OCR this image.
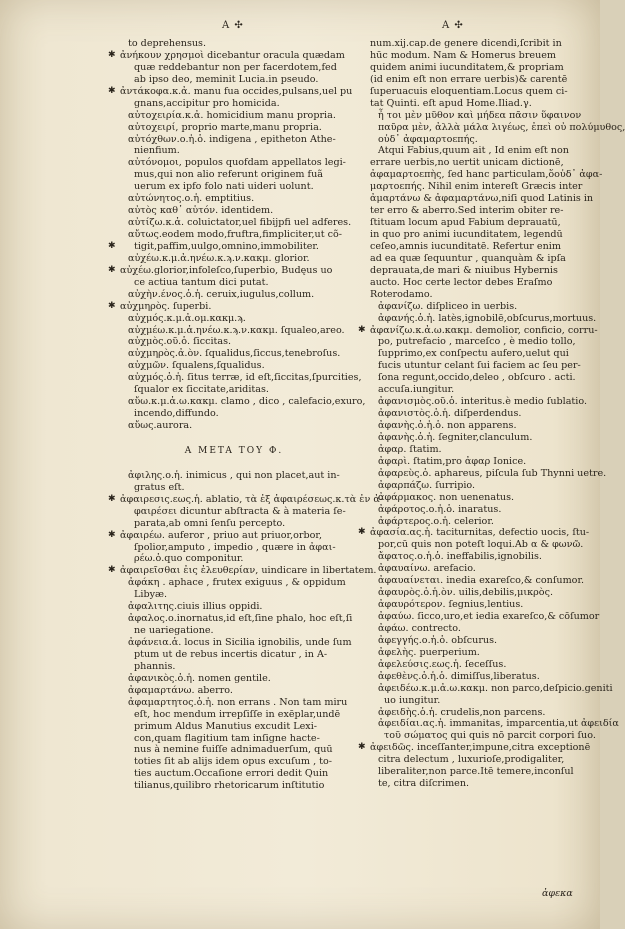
A ✣	A ✣
to deprehensus.
✱ ἀνήκουν χρησμοὶ dicebantur oracula quædam
quæ reddebantur non per facerdotem,fed
ab ipso deo, meminit Lucia.in pseudo.
✱ ἀντάκοφα.κ.ἀ. manu fua occides,pulsans,uel pu
gnans,accipitur pro homicida.
αὐτοχειρία.κ.ἀ. homicidium manu propria.
αὐτοχειρί, proprio marte,manu propria.
αὐτόχθων.ο.ἡ.ὁ. indigena , epitheton Athe-
nienfium.
αὐτόνομοι, populos quofdam appellatos legi-
mus,qui non alio referunt originem fuã
uerum ex ipfo folo nati uideri uolunt.
αὐτώνητος.ο.ἡ. emptitius.
αὐτὸς καθ᾽ αὑτόν. identidem.
αὐτίζω.κ.ἀ. coluictator,uel fibijpfi uel adferes.
αὔτως.eodem modo,fruftra,fimpliciter,ut cõ-
✱ tigit,paffim,uulgo,omnino,immobiliter.
αὐχέω.κ.μ.ἀ.ηνέω.κ.ϡ.ν.κακμ. glorior.
✱ αὐχέω.glorior,infoleſco,ſuperbio, Budęus uo
ce actiua tantum dici putat.
αὐχὴν.ένος.ὁ.ἡ. ceruix,iugulus,collum.
✱ αὐχμηρὸς. ſuperbi.
αὐχμός.κ.μ.ἀ.ομ.κακμ.ϡ.
αὐχμέω.κ.μ.ἀ.ηνέω.κ.ϡ.ν.κακμ. ſqualeo,areo.
αὐχμὸς.οῦ.ὁ. ſiccitas.
αὐχμηρὸς.ἀ.ὸν. ſqualidus,ſiccus,tenebroſus.
αὐχμῶν. ſqualens,ſqualidus.
αὐχμός.ὁ.ἡ. ſitus terræ, id eſt,ſiccitas,ſpurcities,
ſqualor ex ſiccitate,ariditas.
αὔω.κ.μ.ἀ.ω.κακμ. clamo , dico , calefacio,exuro,
incendo,diffundo.
αὔως.aurora.
A META TOY Φ.
ἀφιλης.ο.ἡ. inimicus , qui non placet,aut in-
gratus eſt.
✱ ἀφαιρεσις.εως.ἡ. ablatio, τὰ ἐξ ἀφαιρέσεως.κ.τὰ ἐν ἀ-
φαιρέσει dicuntur abſtracta & à materia ſe-
parata,ab omni ſenſu percepto.
✱ ἀφαιρέω. auferor , priuo aut priuor,orbor,
ſpolior,amputo , impedio , quære in ἀφαι-
ρέω.ὁ.quo componitur.
✱ ἀφαιρεῖσθαι ἐις ἐλευθερίαν, uindicare in libertatem.
ἀφάκη . aphace , frutex exiguus , & oppidum
Libyæ.
ἀφαλιτης.ciuis illius oppidi.
ἀφαλος.ο.inornatus,id eſt,ſine phalo, hoc eſt,ſi
ne uariegatione.
ἀφάνεια.ἁ. locus in Sicilia ignobilis, unde ſum
ptum ut de rebus incertis dicatur , in A-
phannis.
ἀφανικὸς.ὁ.ἡ. nomen gentile.
ἀφαμαρτάνω. aberro.
ἀφαμαρτητος.ὁ.ἡ. non errans . Non tam miru
eſt, hoc mendum irrepſiſſe in exēplar,undē
primum Aldus Manutius excudit Lexi-
con,quam flagitium tam inſigne hacte-
nus à nemine fuiſſe adnimaduerſum, quū
toties ſit ab alijs idem opus excuſum , to-
ties auctum.Occaſione errori dedit Quin
tilianus,quilibro rhetoricarum inſtitutio
num.xij.cap.de genere dicendi,ſcribit in
hūc modum. Nam & Homerus breuem
quidem animi iucunditatem,& propriam
(id enim eſt non errare uerbis)& carentē
ſuperuacuis eloquentiam.Locus quem ci-
tat Quinti. eſt apud Home.Iliad.γ.
ἦ τοι μὲν μῦθον καὶ μήδεα πᾶσιν ὕφαινον
παῦρα μὲν, ἀλλὰ μάλα λιγέως, ἐπεὶ οὐ πολύμυθος,
οὐδ᾽ ἀφαμαρτοεπής.
Atqui Fabius,quum ait , Id enim eſt non
errare uerbis,no uertit unicam dictionē,
ἀφαμαρτοεπὴς, ſed hanc particulam,ὅοὐδ᾽ ἀφα-
μαρτοεπής. Nihil enim intereſt Græcis inter
ἀμαρτάνω & ἀφαμαρτάνω,niſi quod Latinis in
ter erro & aberro.Sed interim obiter re-
ſtituam locum apud Fabium deprauatū,
in quo pro animi iucunditatem, legendū
ceſeo,amnis iucunditatē. Refertur enim
ad ea quæ ſequuntur , quanquàm & ipſa
deprauata,de mari & niuibus Hybernis
aucto. Hoc certe lector debes Eraſmo
Roterodamo.
ἀφανίζω. diſpliceo in uerbis.
ἀφανής.ὁ.ἡ. latès,ignobilē,obſcurus,mortuus.
✱ ἀφανίζω.κ.ἀ.ω.κακμ. demolior, conficio, corru-
po, putrefacio , marceſco , è medio tollo,
ſupprimo,ex conſpectu aufero,uelut qui
fucis utuntur celant ſui faciem ac ſeu per-
ſona regunt,occido,deleo , obſcuro . acti.
accuſa.iungitur.
ἀφανισμὸς.οῦ.ὁ. interitus.è medio ſublatio.
ἀφανιστὸς.ὁ.ἡ. diſperdendus.
ἀφανὴς.ὁ.ἡ.ὁ. non apparens.
ἀφανὴς.ὁ.ἡ. ſegniter,clanculum.
ἀφαρ. ſtatim.
ἀφαρὶ. ſtatim,pro ἀφαρ Ionice.
ἀφαρεὺς.ὁ. aphareus, piſcula ſub Thynni uetre.
ἀφαρπάζω. ſurripio.
ἀφάρμακος. non uenenatus.
ἀφάροτος.ο.ἡ.ὁ. inaratus.
ἀφάρτερος.ο.ἡ. celerior.
✱ ἀφασία.ας.ἡ. taciturnitas, defectio uocis, ſtu-
por,cū quis non poteſt loqui.Ab α & φωνῶ.
ἄφατος.ο.ἡ.ὁ. ineffabilis,ignobilis.
ἀφαυαίνω. arefacio.
ἀφαυαίνεται. inedia exareſco,& conſumor.
ἀφαυρὸς.ὁ.ἡ.ὸν. uilis,debilis,μικρὸς.
ἀφαυρότερον. ſegnius,lentius.
ἀφαύω. ſicco,uro,et iedia exareſco,& cōſumor
ἀφάω. contrecto.
ἀφεγγής.ο.ἡ.ὁ. obſcurus.
ἀφελὴς. puerperium.
ἀφελεύσις.εως.ἡ. ſeceſſus.
ἀφεθὲνς.ὁ.ἡ.ὁ. dimiſſus,liberatus.
ἀφειδέω.κ.μ.ἀ.ω.κακμ. non parco,deſpicio.geniti
uo iungitur.
ἀφειδὴς.ὁ.ἡ. crudelis,non parcens.
ἀφειδίαι.ας.ἡ. immanitas, imparcentia,ut ἀφειδία
τοῦ σώματος qui quis nō parcit corpori ſuo.
✱ ἀφειδῶς. inceſſanter,impune,citra exceptionē
citra delectum , luxurioſe,prodigaliter,
liberaliter,non parce.Itē temere,inconſul
te, citra diſcrimen.
ἀφεκα
